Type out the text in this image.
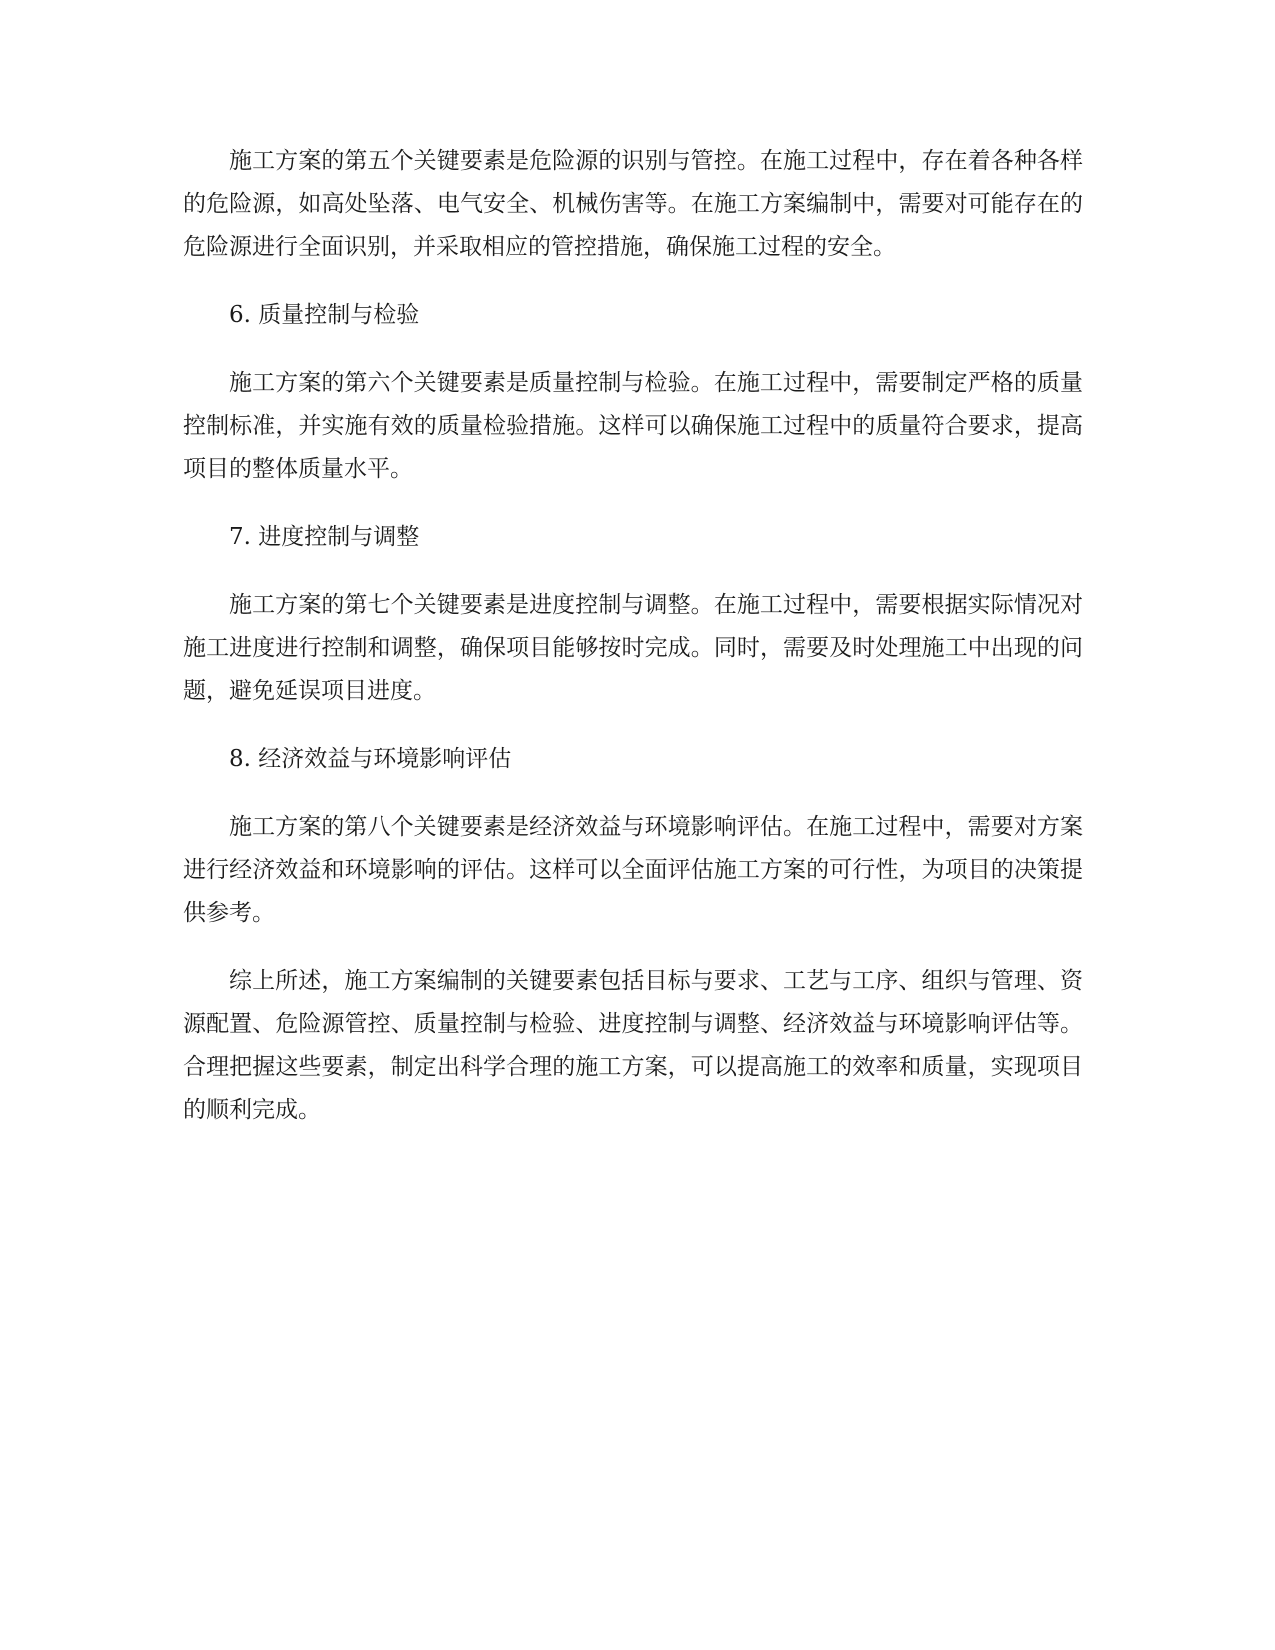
施工方案的第五个关键要素是危险源的识别与管控。在施工过程中，存在着各种各样的危险源，如高处坠落、电气安全、机械伤害等。在施工方案编制中，需要对可能存在的危险源进行全面识别，并采取相应的管控措施，确保施工过程的安全。

6. 质量控制与检验

施工方案的第六个关键要素是质量控制与检验。在施工过程中，需要制定严格的质量控制标准，并实施有效的质量检验措施。这样可以确保施工过程中的质量符合要求，提高项目的整体质量水平。

7. 进度控制与调整

施工方案的第七个关键要素是进度控制与调整。在施工过程中，需要根据实际情况对施工进度进行控制和调整，确保项目能够按时完成。同时，需要及时处理施工中出现的问题，避免延误项目进度。

8. 经济效益与环境影响评估

施工方案的第八个关键要素是经济效益与环境影响评估。在施工过程中，需要对方案进行经济效益和环境影响的评估。这样可以全面评估施工方案的可行性，为项目的决策提供参考。

综上所述，施工方案编制的关键要素包括目标与要求、工艺与工序、组织与管理、资源配置、危险源管控、质量控制与检验、进度控制与调整、经济效益与环境影响评估等。合理把握这些要素，制定出科学合理的施工方案，可以提高施工的效率和质量，实现项目的顺利完成。
